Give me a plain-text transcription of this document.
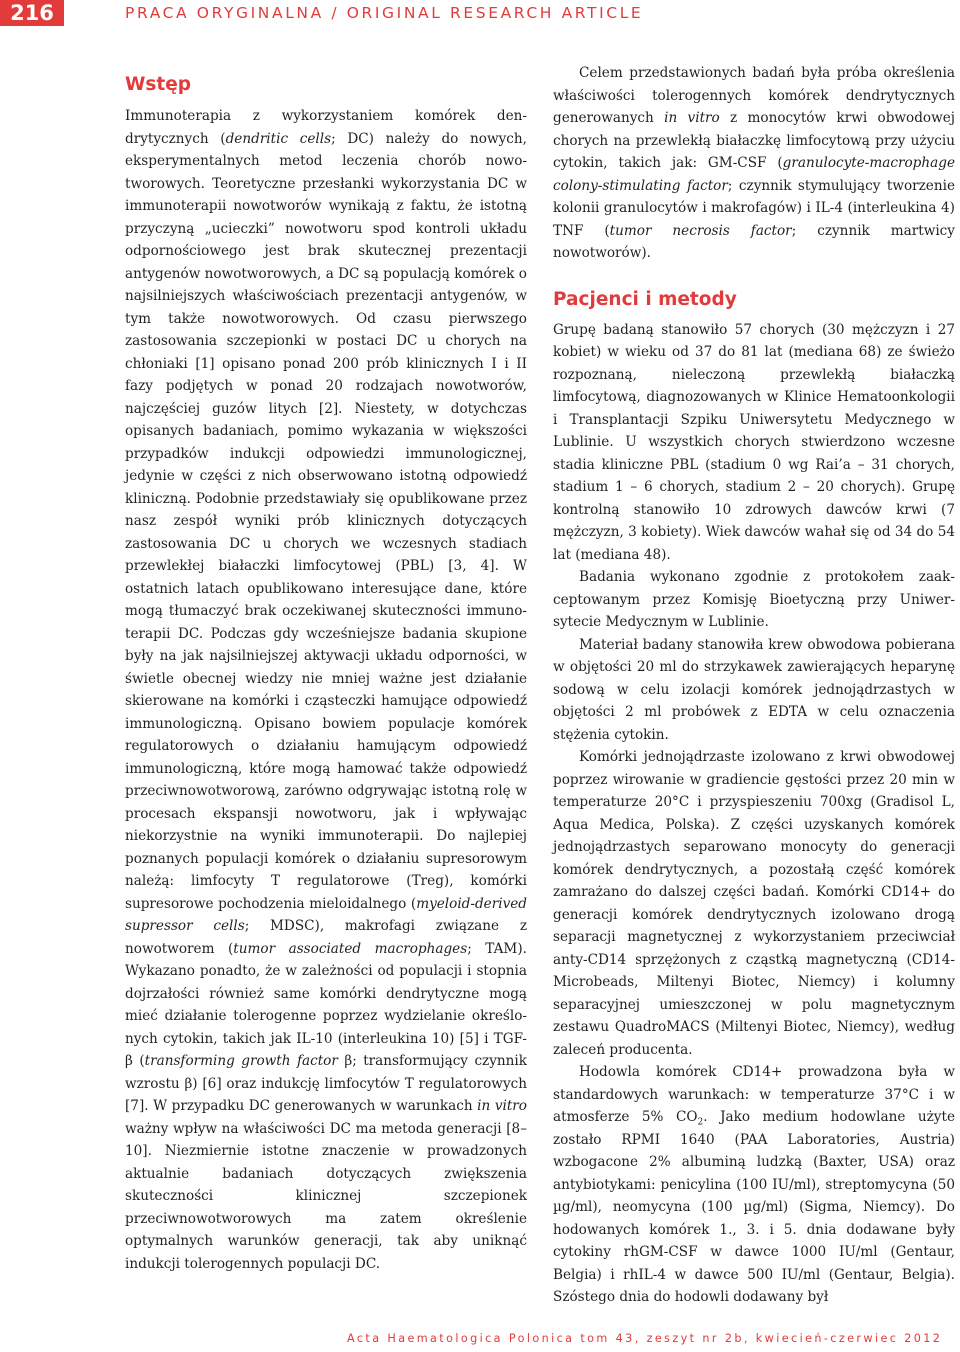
216	PRACA ORYGINALNA / ORIGINAL RESEARCH ARTICLE
Wstęp

Immunoterapia z wykorzystaniem komórek dendrytycznych (dendritic cells; DC) należy do nowych, eksperymentalnych metod leczenia chorób nowotworowych. Teoretyczne przesłanki wykorzystania DC w immunoterapii nowotworów wynikają z faktu, że istotną przyczyną „ucieczki” nowotworu spod kontroli układu odpornościowego jest brak skutecznej prezentacji antygenów nowotworowych, a DC są populacją komórek o najsilniejszych właściwościach prezentacji antygenów, w tym także nowotworowych. Od czasu pierwszego zastosowania szczepionki w postaci DC u chorych na chłoniaki [1] opisano ponad 200 prób klinicznych I i II fazy podjętych w ponad 20 rodzajach nowotworów, najczęściej guzów litych [2]. Niestety, w dotychczas opisanych badaniach, pomimo wykazania w większości przypadków indukcji odpowiedzi immunologicznej, jedynie w części z nich obserwowano istotną odpowiedź kliniczną. Podobnie przedstawiały się opublikowane przez nasz zespół wyniki prób klinicznych dotyczących zastosowania DC u chorych we wczesnych stadiach przewlekłej białaczki limfocytowej (PBL) [3, 4]. W ostatnich latach opublikowano interesujące dane, które mogą tłumaczyć brak oczekiwanej skuteczności immunoterapii DC. Podczas gdy wcześniejsze badania skupione były na jak najsilniejszej aktywacji układu odporności, w świetle obecnej wiedzy nie mniej ważne jest działanie skierowane na komórki i cząsteczki hamujące odpowiedź immunologiczną. Opisano bowiem populacje komórek regulatorowych o działaniu hamującym odpowiedź immunologiczną, które mogą hamować także odpowiedź przeciwnowotworową, zarówno odgrywając istotną rolę w procesach ekspansji nowotworu, jak i wpływając niekorzystnie na wyniki immunoterapii. Do najlepiej poznanych populacji komórek o działaniu supresorowym należą: limfocyty T regulatorowe (Treg), komórki supresorowe pochodzenia mieloidalnego (myeloid-derived supressor cells; MDSC), makrofagi związane z nowotworem (tumor associated macrophages; TAM). Wykazano ponadto, że w zależności od populacji i stopnia dojrzałości również same komórki dendrytyczne mogą mieć działanie tolerogenne poprzez wydzielanie określonych cytokin, takich jak IL-10 (interleukina 10) [5] i TGF-β (transforming growth factor β; transformujący czynnik wzrostu β) [6] oraz indukcję limfocytów T regulatorowych [7]. W przypadku DC generowanych w warunkach in vitro ważny wpływ na właściwości DC ma metoda generacji [8–10]. Niezmiernie istotne znaczenie w prowadzonych aktualnie badaniach dotyczących zwiększenia skuteczności klinicznej szczepionek przeciwnowotworowych ma zatem określenie optymalnych warunków generacji, tak aby uniknąć indukcji tolerogennych populacji DC.

Celem przedstawionych badań była próba określenia właściwości tolerogennych komórek dendrytycznych generowanych in vitro z monocytów krwi obwodowej chorych na przewlekłą białaczkę limfocytową przy użyciu cytokin, takich jak: GM-CSF (granulocyte-macrophage colony-stimulating factor; czynnik stymulujący tworzenie kolonii granulocytów i makrofagów) i IL-4 (interleukina 4) TNF (tumor necrosis factor; czynnik martwicy nowotworów).

Pacjenci i metody

Grupę badaną stanowiło 57 chorych (30 mężczyzn i 27 kobiet) w wieku od 37 do 81 lat (mediana 68) ze świeżo rozpoznaną, nieleczoną przewlekłą białaczką limfocytową, diagnozowanych w Klinice Hematoonkologii i Transplantacji Szpiku Uniwersytetu Medycznego w Lublinie. U wszystkich chorych stwierdzono wczesne stadia kliniczne PBL (stadium 0 wg Rai’a – 31 chorych, stadium 1 – 6 chorych, stadium 2 – 20 chorych). Grupę kontrolną stanowiło 10 zdrowych dawców krwi (7 mężczyzn, 3 kobiety). Wiek dawców wahał się od 34 do 54 lat (mediana 48).

Badania wykonano zgodnie z protokołem zaakceptowanym przez Komisję Bioetyczną przy Uniwersytecie Medycznym w Lublinie.

Materiał badany stanowiła krew obwodowa pobierana w objętości 20 ml do strzykawek zawierających heparynę sodową w celu izolacji komórek jednojądrzastych w objętości 2 ml probówek z EDTA w celu oznaczenia stężenia cytokin.

Komórki jednojądrzaste izolowano z krwi obwodowej poprzez wirowanie w gradiencie gęstości przez 20 min w temperaturze 20°C i przyspieszeniu 700xg (Gradisol L, Aqua Medica, Polska). Z części uzyskanych komórek jednojądrzastych separowano monocyty do generacji komórek dendrytycznych, a pozostałą część komórek zamrażano do dalszej części badań. Komórki CD14+ do generacji komórek dendrytycznych izolowano drogą separacji magnetycznej z wykorzystaniem przeciwciał anty-CD14 sprzężonych z cząstką magnetyczną (CD14-Microbeads, Miltenyi Biotec, Niemcy) i kolumny separacyjnej umieszczonej w polu magnetycznym zestawu QuadroMACS (Miltenyi Biotec, Niemcy), według zaleceń producenta.

Hodowla komórek CD14+ prowadzona była w standardowych warunkach: w temperaturze 37°C i w atmosferze 5% $CO_2$. Jako medium hodowlane użyte zostało RPMI 1640 (PAA Laboratories, Austria) wzbogacone 2% albuminą ludzką (Baxter, USA) oraz antybiotykami: penicylina (100 IU/ml), streptomycyna (50 µg/ml), neomycyna (100 µg/ml) (Sigma, Niemcy). Do hodowanych komórek 1., 3. i 5. dnia dodawane były cytokiny rhGM-CSF w dawce 1000 IU/ml (Gentaur, Belgia) i rhIL-4 w dawce 500 IU/ml (Gentaur, Belgia). Szóstego dnia do hodowli dodawany był

Acta Haematologica Polonica tom 43, zeszyt nr 2b, kwiecień-czerwiec 2012
